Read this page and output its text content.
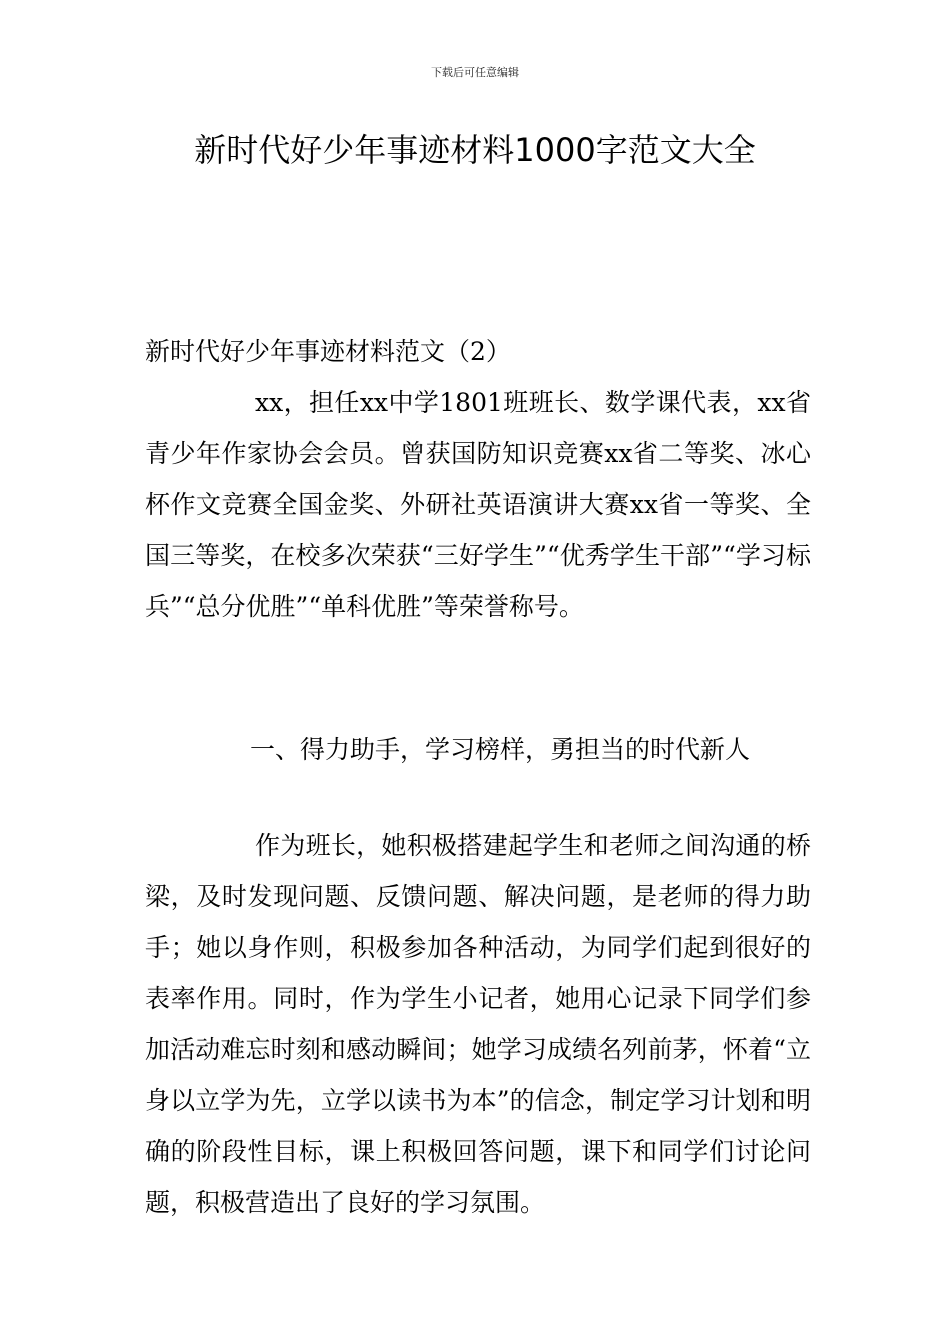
下载后可任意编辑
新时代好少年事迹材料1000字范文大全

新时代好少年事迹材料范文（2）

xx，担任xx中学1801班班长、数学课代表，xx省青少年作家协会会员。曾获国防知识竞赛xx省二等奖、冰心杯作文竞赛全国金奖、外研社英语演讲大赛xx省一等奖、全国三等奖，在校多次荣获“三好学生”“优秀学生干部”“学习标兵”“总分优胜”“单科优胜”等荣誉称号。

一、得力助手，学习榜样，勇担当的时代新人

作为班长，她积极搭建起学生和老师之间沟通的桥梁，及时发现问题、反馈问题、解决问题，是老师的得力助手；她以身作则，积极参加各种活动，为同学们起到很好的表率作用。同时，作为学生小记者，她用心记录下同学们参加活动难忘时刻和感动瞬间；她学习成绩名列前茅，怀着“立身以立学为先，立学以读书为本”的信念，制定学习计划和明确的阶段性目标，课上积极回答问题，课下和同学们讨论问题，积极营造出了良好的学习氛围。
